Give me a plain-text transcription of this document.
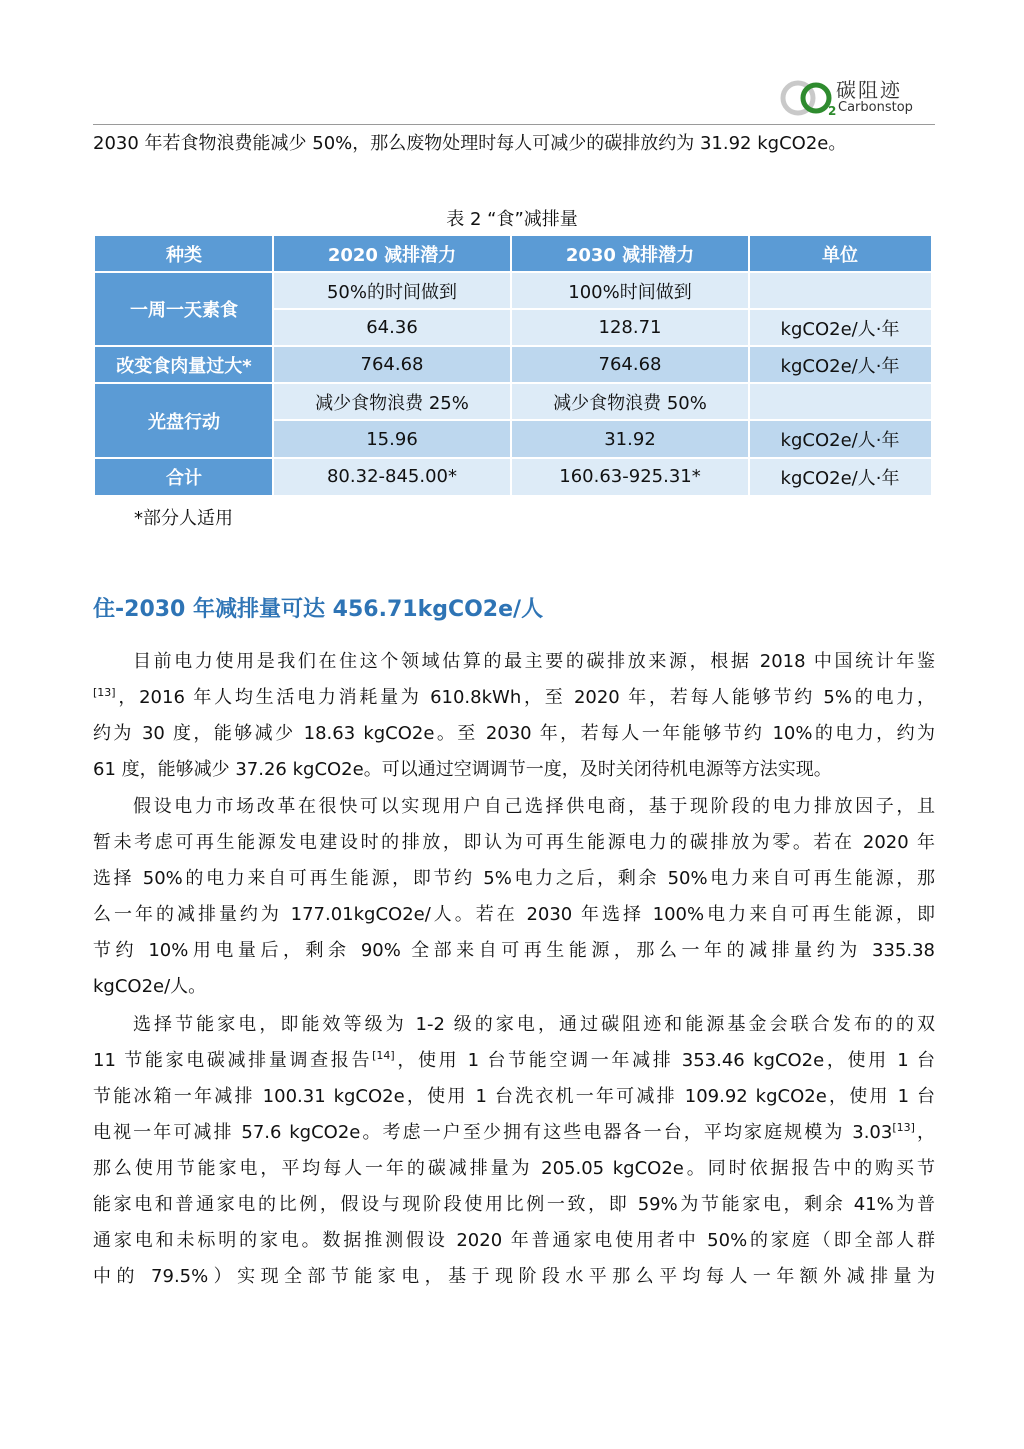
2
碳阻迹
Carbonstop
2030 年若食物浪费能减少 50%，那么废物处理时每人可减少的碳排放约为 31.92 kgCO2e。
表 2 “食”减排量
种类	2020 减排潜力	2030 减排潜力	单位
一周一天素食
50%的时间做到	100%时间做到
64.36	128.71	kgCO2e/人·年
改变食肉量过大*	764.68	764.68	kgCO2e/人·年
光盘行动
减少食物浪费 25%	减少食物浪费 50%
15.96	31.92	kgCO2e/人·年
合计	80.32-845.00*	160.63-925.31*	kgCO2e/人·年
*部分人适用
住-2030 年减排量可达 456.71kgCO2e/人
目前电力使用是我们在住这个领域估算的最主要的碳排放来源，根据 2018 中国统计年鉴
[13]，2016 年人均生活电力消耗量为 610.8kWh，至 2020 年，若每人能够节约 5%的电力，
约为 30 度，能够减少 18.63 kgCO2e。至 2030 年，若每人一年能够节约 10%的电力，约为
61 度，能够减少 37.26 kgCO2e。可以通过空调调节一度，及时关闭待机电源等方法实现。
假设电力市场改革在很快可以实现用户自己选择供电商，基于现阶段的电力排放因子，且
暂未考虑可再生能源发电建设时的排放，即认为可再生能源电力的碳排放为零。若在 2020 年
选择 50%的电力来自可再生能源，即节约 5%电力之后，剩余 50%电力来自可再生能源，那
么一年的减排量约为 177.01kgCO2e/人。若在 2030 年选择 100%电力来自可再生能源，即
节约 10%用电量后，剩余 90% 全部来自可再生能源，那么一年的减排量约为 335.38
kgCO2e/人。
选择节能家电，即能效等级为 1-2 级的家电，通过碳阻迹和能源基金会联合发布的的双
11 节能家电碳减排量调查报告[14]，使用 1 台节能空调一年减排 353.46 kgCO2e，使用 1 台
节能冰箱一年减排 100.31 kgCO2e，使用 1 台洗衣机一年可减排 109.92 kgCO2e，使用 1 台
电视一年可减排 57.6 kgCO2e。考虑一户至少拥有这些电器各一台，平均家庭规模为 3.03[13]，
那么使用节能家电，平均每人一年的碳减排量为 205.05 kgCO2e。同时依据报告中的购买节
能家电和普通家电的比例，假设与现阶段使用比例一致，即 59%为节能家电，剩余 41%为普
通家电和未标明的家电。数据推测假设 2020 年普通家电使用者中 50%的家庭（即全部人群
中的 79.5%）实现全部节能家电，基于现阶段水平那么平均每人一年额外减排量为
